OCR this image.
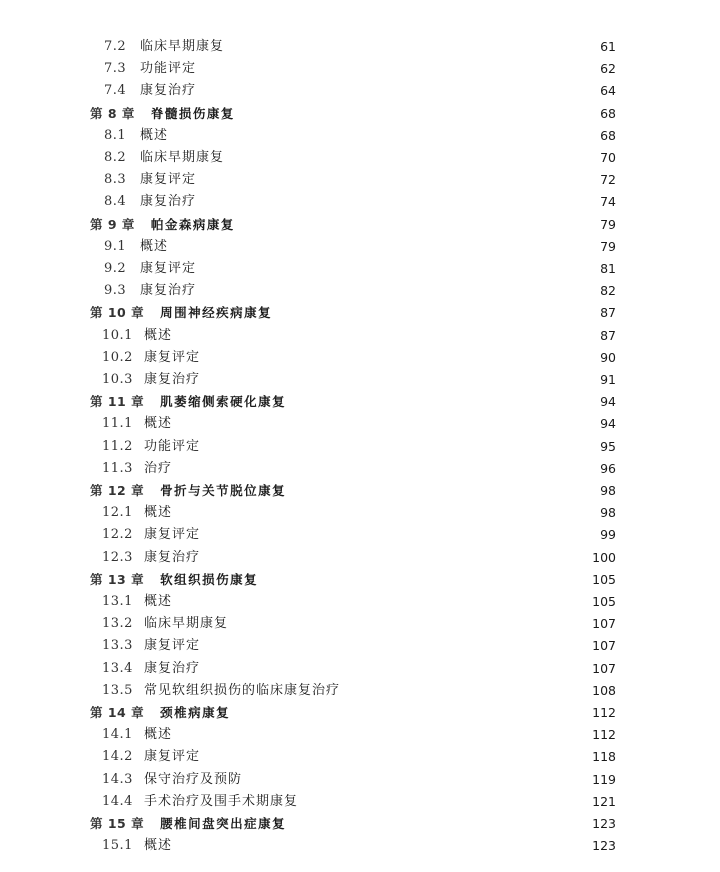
7.2	临床早期康复	61
7.3	功能评定	62
7.4	康复治疗	64
第 8 章 脊髓损伤康复	68
8.1	概述	68
8.2	临床早期康复	70
8.3	康复评定	72
8.4	康复治疗	74
第 9 章 帕金森病康复	79
9.1	概述	79
9.2	康复评定	81
9.3	康复治疗	82
第 10 章 周围神经疾病康复	87
10.1 概述	87
10.2 康复评定	90
10.3 康复治疗	91
第 11 章 肌萎缩侧索硬化康复	94
11.1 概述	94
11.2 功能评定	95
11.3 治疗	96
第 12 章 骨折与关节脱位康复	98
12.1 概述	98
12.2 康复评定	99
12.3 康复治疗	100
第 13 章 软组织损伤康复	105
13.1 概述	105
13.2 临床早期康复	107
13.3 康复评定	107
13.4 康复治疗	107
13.5 常见软组织损伤的临床康复治疗	108
第 14 章 颈椎病康复	112
14.1 概述	112
14.2 康复评定	118
14.3 保守治疗及预防	119
14.4 手术治疗及围手术期康复	121
第 15 章 腰椎间盘突出症康复	123
15.1 概述	123
